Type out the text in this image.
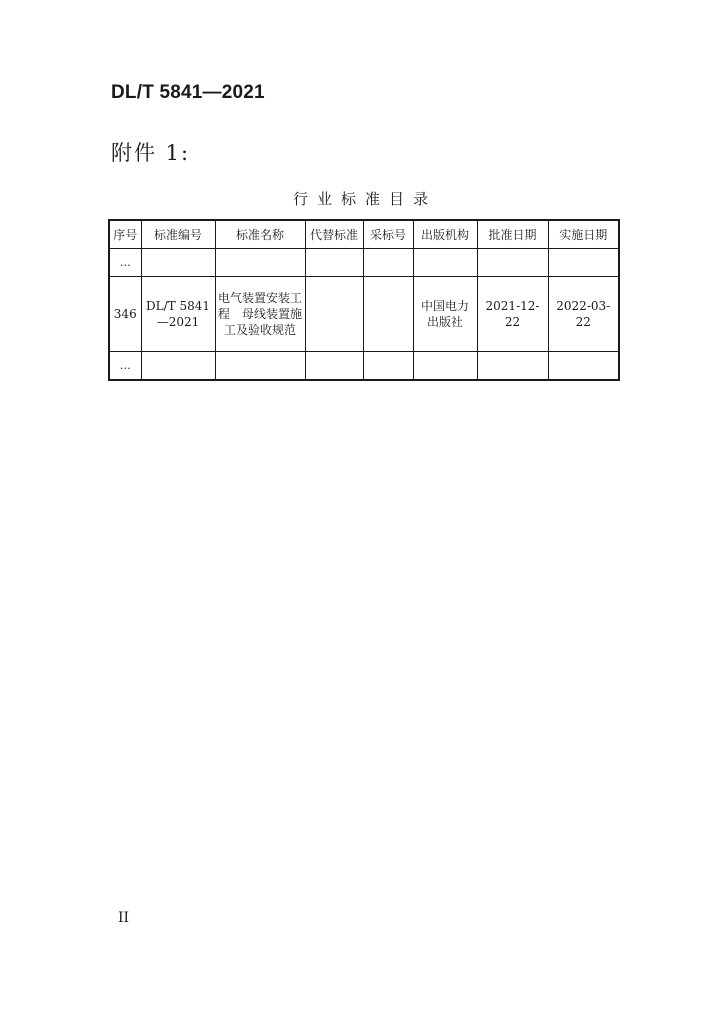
DL/T 5841—2021
附件 1:
行业标准目录
序号	标准编号	标准名称	代替标准	采标号	出版机构	批准日期	实施日期
…							
346	DL/T 5841—2021	电气装置安装工程　母线装置施工及验收规范			中国电力出版社	2021-12-22	2022-03-22
…							
II
